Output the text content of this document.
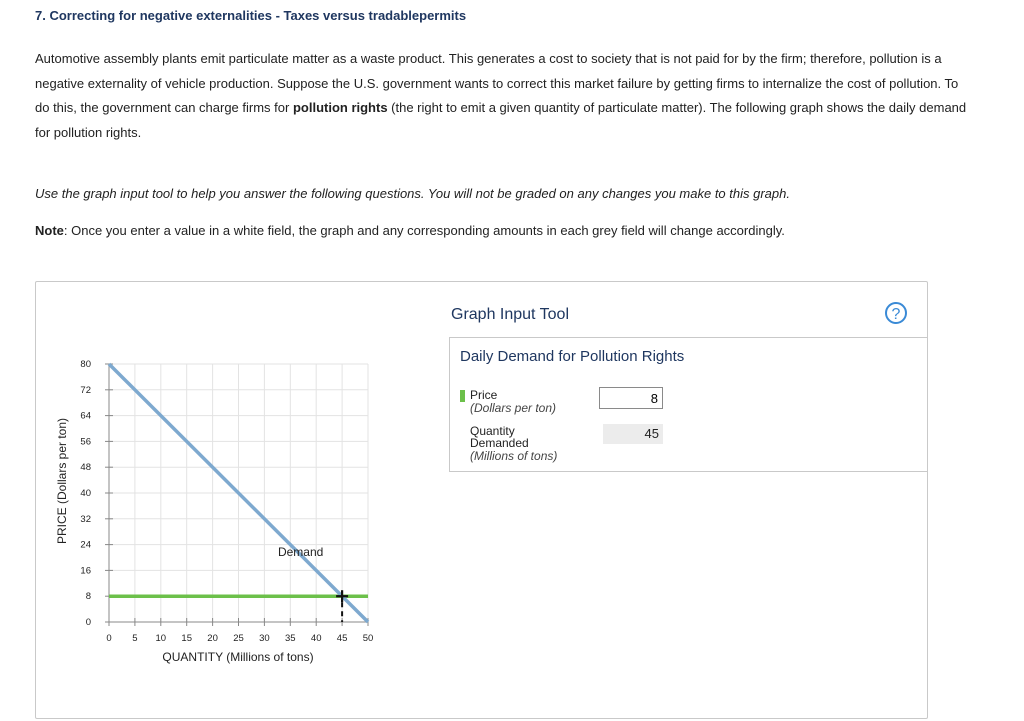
7. Correcting for negative externalities - Taxes versus tradablepermits
Automotive assembly plants emit particulate matter as a waste product. This generates a cost to society that is not paid for by the firm; therefore, pollution is a negative externality of vehicle production. Suppose the U.S. government wants to correct this market failure by getting firms to internalize the cost of pollution. To do this, the government can charge firms for pollution rights (the right to emit a given quantity of particulate matter). The following graph shows the daily demand for pollution rights.
Use the graph input tool to help you answer the following questions. You will not be graded on any changes you make to this graph.
Note: Once you enter a value in a white field, the graph and any corresponding amounts in each grey field will change accordingly.
0 5 10 15 20 25 30 35 40 45 50
0
8
16
24
32
40
48
56
64
72
80
Demand
QUANTITY (Millions of tons)
PRICE (Dollars per ton)
Graph Input Tool	?
Daily Demand for Pollution Rights
Price
(Dollars per ton)
8
Quantity
Demanded
(Millions of tons)
45
